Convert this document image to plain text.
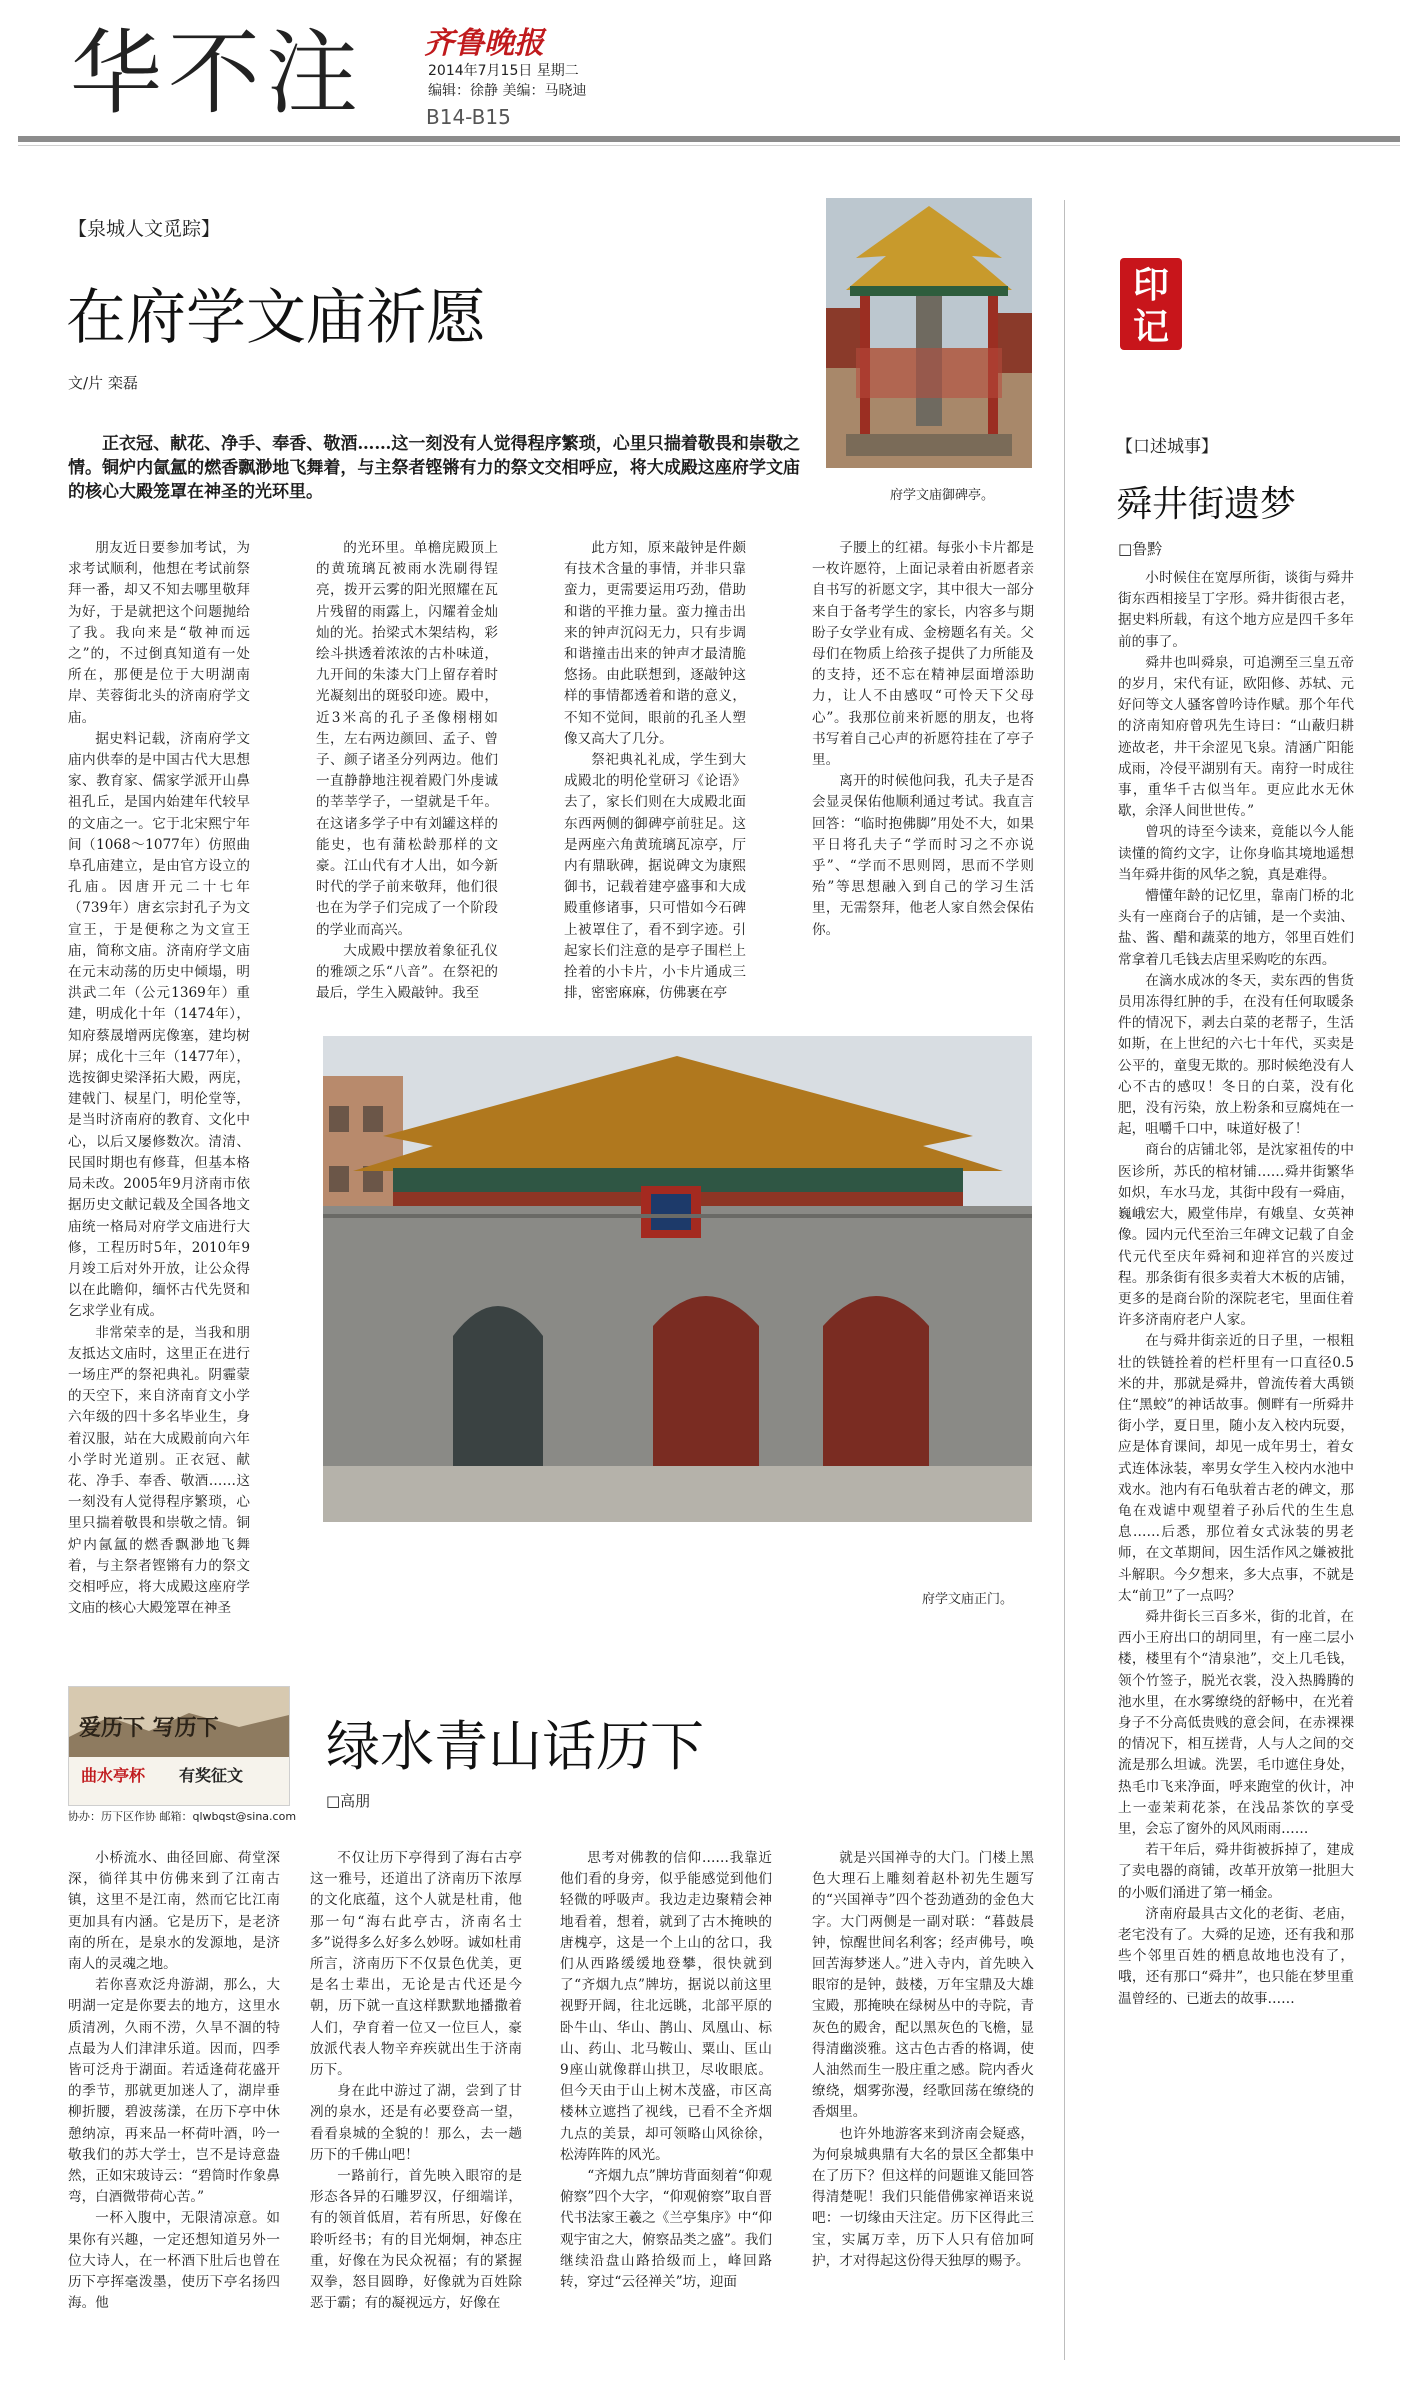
华不注 齐鲁晚报
2014年7月15日 星期二
编辑：徐静 美编：马晓迪
B14-B15
【泉城人文觅踪】
在府学文庙祈愿
文/片 栾磊
正衣冠、献花、净手、奉香、敬酒……这一刻没有人觉得程序繁琐，心里只揣着敬畏和崇敬之情。铜炉内氤氲的燃香飘渺地飞舞着，与主祭者铿锵有力的祭文交相呼应，将大成殿这座府学文庙的核心大殿笼罩在神圣的光环里。	府学文庙御碑亭。

朋友近日要参加考试，为求考试顺利，他想在考试前祭拜一番，却又不知去哪里敬拜为好，于是就把这个问题抛给了我。我向来是“敬神而远之”的，不过倒真知道有一处所在，那便是位于大明湖南岸、芙蓉街北头的济南府学文庙。

据史料记载，济南府学文庙内供奉的是中国古代大思想家、教育家、儒家学派开山鼻祖孔丘，是国内始建年代较早的文庙之一。它于北宋熙宁年间（1068～1077年）仿照曲阜孔庙建立，是由官方设立的孔庙。因唐开元二十七年（739年）唐玄宗封孔子为文宣王，于是便称之为文宣王庙，简称文庙。济南府学文庙在元末动荡的历史中倾塌，明洪武二年（公元1369年）重建，明成化十年（1474年），知府蔡晟增两庑像塞，建均树屏；成化十三年（1477年），选按御史梁泽拓大殿，两庑，建戟门、棂星门，明伦堂等，是当时济南府的教育、文化中心，以后又屡修数次。清清、民国时期也有修葺，但基本格局未改。2005年9月济南市依据历史文献记载及全国各地文庙统一格局对府学文庙进行大修，工程历时5年，2010年9月竣工后对外开放，让公众得以在此瞻仰，缅怀古代先贤和乞求学业有成。

非常荣幸的是，当我和朋友抵达文庙时，这里正在进行一场庄严的祭祀典礼。阴霾蒙的天空下，来自济南育文小学六年级的四十多名毕业生，身着汉服，站在大成殿前向六年小学时光道别。正衣冠、献花、净手、奉香、敬酒……这一刻没有人觉得程序繁琐，心里只揣着敬畏和崇敬之情。铜炉内氤氲的燃香飘渺地飞舞着，与主祭者铿锵有力的祭文交相呼应，将大成殿这座府学文庙的核心大殿笼罩在神圣

的光环里。单檐庑殿顶上的黄琉璃瓦被雨水洗刷得锃亮，拨开云雾的阳光照耀在瓦片残留的雨露上，闪耀着金灿灿的光。抬梁式木架结构，彩绘斗拱透着浓浓的古朴味道，九开间的朱漆大门上留存着时光凝刻出的斑驳印迹。殿中，近3米高的孔子圣像栩栩如生，左右两边颜回、孟子、曾子、颜子诸圣分列两边。他们一直静静地注视着殿门外虔诚的莘莘学子，一望就是千年。在这诸多学子中有刘罐这样的能史，也有蒲松龄那样的文豪。江山代有才人出，如今新时代的学子前来敬拜，他们很也在为学子们完成了一个阶段的学业而高兴。

大成殿中摆放着象征孔仪的雅颂之乐“八音”。在祭祀的最后，学生入殿敲钟。我至

此方知，原来敲钟是件颇有技术含量的事情，并非只靠蛮力，更需要运用巧劲，借助和谐的平推力量。蛮力撞击出来的钟声沉闷无力，只有步调和谐撞击出来的钟声才最清脆悠扬。由此联想到，逐敲钟这样的事情都透着和谐的意义，不知不觉间，眼前的孔圣人塑像又高大了几分。

祭祀典礼礼成，学生到大成殿北的明伦堂研习《论语》去了，家长们则在大成殿北面东西两侧的御碑亭前驻足。这是两座六角黄琉璃瓦凉亭，厅内有鼎耿碑，据说碑文为康熙御书，记载着建亭盛事和大成殿重修诸事，只可惜如今石碑上被罩住了，看不到字迹。引起家长们注意的是亭子围栏上拴着的小卡片，小卡片通成三排，密密麻麻，仿佛裹在亭

子腰上的红裙。每张小卡片都是一枚许愿符，上面记录着由祈愿者亲自书写的祈愿文字，其中很大一部分来自于备考学生的家长，内容多与期盼子女学业有成、金榜题名有关。父母们在物质上给孩子提供了力所能及的支持，还不忘在精神层面增添助力，让人不由感叹“可怜天下父母心”。我那位前来祈愿的朋友，也将书写着自己心声的祈愿符挂在了亭子里。

离开的时候他问我，孔夫子是否会显灵保佑他顺利通过考试。我直言回答：“临时抱佛脚”用处不大，如果平日将孔夫子“学而时习之不亦说乎”、“学而不思则罔，思而不学则殆”等思想融入到自己的学习生活里，无需祭拜，他老人家自然会保佑你。

府学文庙正门。
印记
【口述城事】
舜井街遗梦
□鲁黔

小时候住在宽厚所街，谈街与舜井街东西相接呈丁字形。舜井街很古老，据史料所载，有这个地方应是四千多年前的事了。

舜井也叫舜泉，可追溯至三皇五帝的岁月，宋代有证，欧阳修、苏轼、元好问等文人骚客曾吟诗作赋。那个年代的济南知府曾巩先生诗曰：“山蔽归耕迹故老，井干余涩见飞泉。清涵广阳能成雨，冷侵平湖别有天。南狩一时成往事，重华千古似当年。更应此水无休歇，余泽人间世世传。”

曾巩的诗至今读来，竟能以今人能读懂的简约文字，让你身临其境地遥想当年舜井街的风华之貌，真是难得。

懵懂年龄的记忆里，靠南门桥的北头有一座商台子的店铺，是一个卖油、盐、酱、醋和蔬菜的地方，邻里百姓们常拿着几毛钱去店里采购吃的东西。

在滴水成冰的冬天，卖东西的售货员用冻得红肿的手，在没有任何取暖条件的情况下，剥去白菜的老帮子，生活如斯，在上世纪的六七十年代，买卖是公平的，童叟无欺的。那时候绝没有人心不古的感叹！冬日的白菜，没有化肥，没有污染，放上粉条和豆腐炖在一起，咀嚼千口中，味道好极了！

商台的店铺北邻，是沈家祖传的中医诊所，苏氏的棺材铺……舜井街繁华如炽，车水马龙，其街中段有一舜庙，巍峨宏大，殿堂伟岸，有娥皇、女英神像。园内元代至治三年碑文记载了自金代元代至庆年舜祠和迎祥宫的兴废过程。那条街有很多卖着大木板的店铺，更多的是商台阶的深院老宅，里面住着许多济南府老户人家。

在与舜井街亲近的日子里，一根粗壮的铁链拴着的栏杆里有一口直径0.5米的井，那就是舜井，曾流传着大禹锁住“黑蛟”的神话故事。侧畔有一所舜井街小学，夏日里，随小友入校内玩耍，应是体育课间，却见一成年男士，着女式连体泳装，率男女学生入校内水池中戏水。池内有石龟驮着古老的碑文，那龟在戏谑中观望着子孙后代的生生息息……后悉，那位着女式泳装的男老师，在文革期间，因生活作风之嫌被批斗解职。今夕想来，多大点事，不就是太“前卫”了一点吗？

舜井街长三百多米，街的北首，在西小王府出口的胡同里，有一座二层小楼，楼里有个“清泉池”，交上几毛钱，领个竹签子，脱光衣裳，没入热腾腾的池水里，在水雾缭绕的舒畅中，在光着身子不分高低贵贱的意会间，在赤裸裸的情况下，相互搓背，人与人之间的交流是那么坦诚。洗罢，毛巾遮住身处，热毛巾飞来净面，呼来跑堂的伙计，冲上一壶茉莉花茶，在浅品茶饮的享受里，会忘了窗外的风风雨雨……

若干年后，舜井街被拆掉了，建成了卖电器的商铺，改革开放第一批胆大的小贩们涌进了第一桶金。

济南府最具古文化的老街、老庙，老宅没有了。大舜的足迹，还有我和那些个邻里百姓的栖息故地也没有了，哦，还有那口“舜井”，也只能在梦里重温曾经的、已逝去的故事……

爱历下 写历下
曲水亭杯 有奖征文
协办：历下区作协 邮箱：qlwbqst@sina.com
绿水青山话历下
□高朋

小桥流水、曲径回廊、荷堂深深，徜徉其中仿佛来到了江南古镇，这里不是江南，然而它比江南更加具有内涵。它是历下，是老济南的所在，是泉水的发源地，是济南人的灵魂之地。

若你喜欢泛舟游湖，那么，大明湖一定是你要去的地方，这里水质清冽，久雨不涝，久旱不涸的特点最为人们津津乐道。因而，四季皆可泛舟于湖面。若适逢荷花盛开的季节，那就更加迷人了，湖岸垂柳折腰，碧波荡漾，在历下亭中休憩纳凉，再来品一杯荷叶酒，吟一敬我们的苏大学士，岂不是诗意盎然，正如宋玻诗云：“碧筒时作象鼻弯，白酒微带荷心苦。”

一杯入腹中，无限清凉意。如果你有兴趣，一定还想知道另外一位大诗人，在一杯酒下肚后也曾在历下亭挥毫泼墨，使历下亭名扬四海。他

不仅让历下亭得到了海右古亭这一雅号，还道出了济南历下浓厚的文化底蕴，这个人就是杜甫，他那一句“海右此亭古，济南名士多”说得多么好多么妙呀。诚如杜甫所言，济南历下不仅景色优美，更是名士辈出，无论是古代还是今朝，历下就一直这样默默地播撒着人们，孕育着一位又一位巨人，豪放派代表人物辛弃疾就出生于济南历下。

身在此中游过了湖，尝到了甘冽的泉水，还是有必要登高一望，看看泉城的全貌的！那么，去一趟历下的千佛山吧！

一路前行，首先映入眼帘的是形态各异的石雕罗汉，仔细端详，有的领首低眉，若有所思，好像在聆听经书；有的目光炯炯，神态庄重，好像在为民众祝福；有的紧握双拳，怒目圆睁，好像就为百姓除恶于霸；有的凝视远方，好像在

思考对佛教的信仰……我靠近他们看的身旁，似乎能感觉到他们轻微的呼吸声。我边走边聚精会神地看着，想着，就到了古木掩映的唐槐亭，这是一个上山的岔口，我们从西路缓缓地登攀，很快就到了“齐烟九点”牌坊，据说以前这里视野开阔，往北远眺，北部平原的卧牛山、华山、鹊山、凤凰山、标山、药山、北马鞍山、粟山、匡山9座山就像群山拱卫，尽收眼底。但今天由于山上树木茂盛，市区高楼林立遮挡了视线，已看不全齐烟九点的美景，却可领略山风徐徐，松涛阵阵的风光。

“齐烟九点”牌坊背面刻着“仰观俯察”四个大字，“仰观俯察”取自晋代书法家王羲之《兰亭集序》中“仰观宇宙之大，俯察品类之盛”。我们继续沿盘山路拾级而上，峰回路转，穿过“云径禅关”坊，迎面

就是兴国禅寺的大门。门楼上黑色大理石上雕刻着赵朴初先生题写的“兴国禅寺”四个苍劲遒劲的金色大字。大门两侧是一副对联：“暮鼓晨钟，惊醒世间名利客；经声佛号，唤回苦海梦迷人。”进入寺内，首先映入眼帘的是钟，鼓楼，万年宝鼎及大雄宝殿，那掩映在绿树丛中的寺院，青灰色的殿舍，配以黑灰色的飞檐，显得清幽淡雅。这古色古香的格调，使人油然而生一股庄重之感。院内香火缭绕，烟雾弥漫，经歌回荡在缭绕的香烟里。

也许外地游客来到济南会疑惑，为何泉城典鼎有大名的景区全都集中在了历下？但这样的问题谁又能回答得清楚呢！我们只能借佛家禅语来说吧：一切缘由天注定。历下区得此三宝，实属万幸，历下人只有倍加呵护，才对得起这份得天独厚的赐予。
